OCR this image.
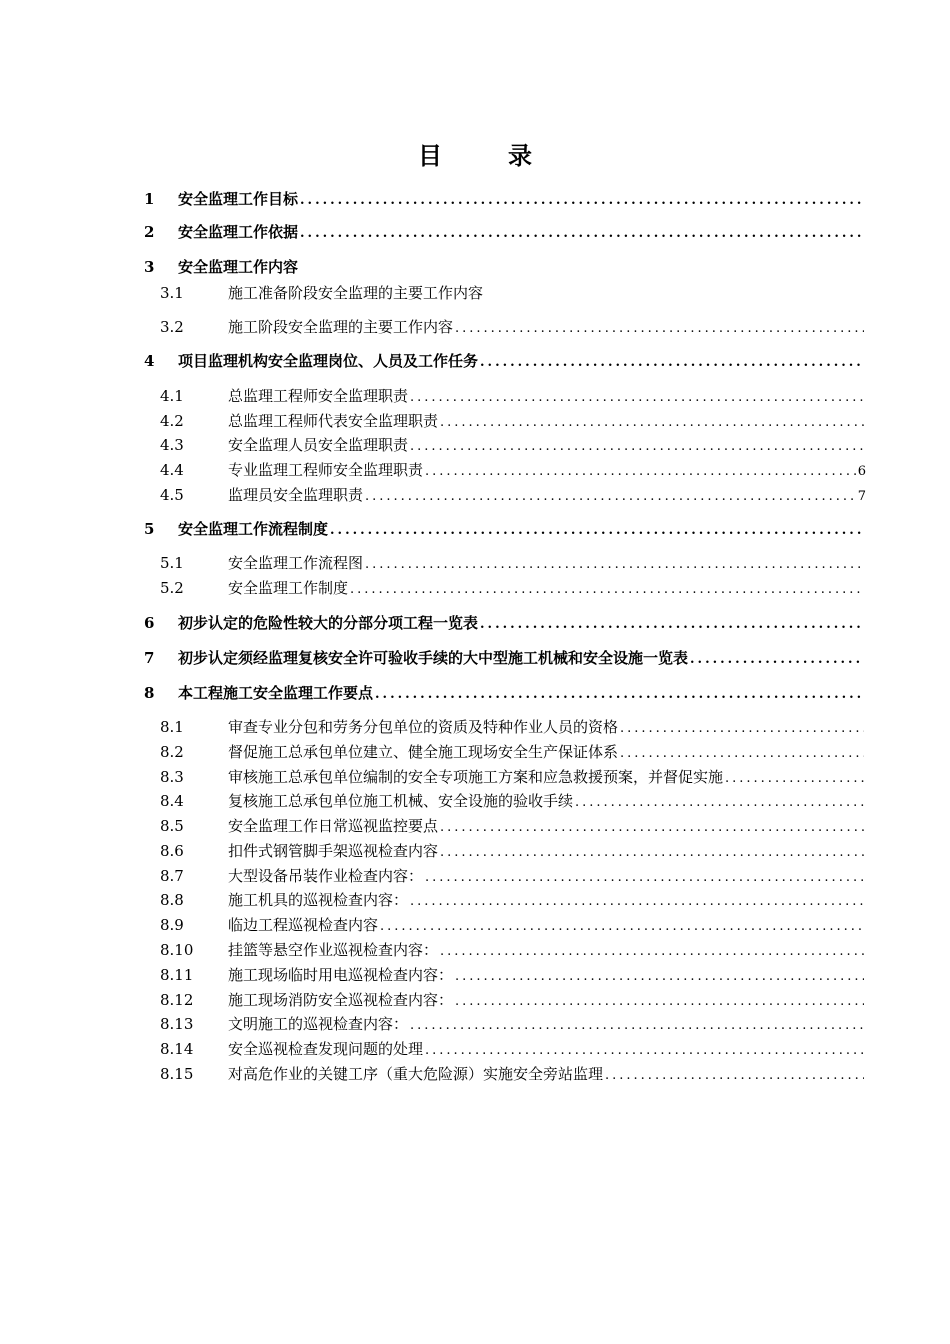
目	录
1	安全监理工作目标
.....
2	安全监理工作依据
.....
3	安全监理工作内容
3.1	施工准备阶段安全监理的主要工作内容
3.2	施工阶段安全监理的主要工作内容
.....
4	项目监理机构安全监理岗位、人员及工作任务
.....
4.1	总监理工程师安全监理职责
.....
4.2	总监理工程师代表安全监理职责
.....
4.3	安全监理人员安全监理职责
.....
4.4	专业监理工程师安全监理职责 .....	6
4.5	监理员安全监理职责 .....	7
5	安全监理工作流程制度
.....
5.1	安全监理工作流程图
.....
5.2	安全监理工作制度
.....
6	初步认定的危险性较大的分部分项工程一览表
.....
7	初步认定须经监理复核安全许可验收手续的大中型施工机械和安全设施一览表
.....
8	本工程施工安全监理工作要点
.....
8.1	审查专业分包和劳务分包单位的资质及特种作业人员的资格
.....
8.2	督促施工总承包单位建立、健全施工现场安全生产保证体系
.....
8.3	审核施工总承包单位编制的安全专项施工方案和应急救援预案，并督促实施
.....
8.4	复核施工总承包单位施工机械、安全设施的验收手续
.....
8.5	安全监理工作日常巡视监控要点
.....
8.6	扣件式钢管脚手架巡视检查内容
.....
8.7	大型设备吊装作业检查内容：
.....
8.8	施工机具的巡视检查内容：
.....
8.9	临边工程巡视检查内容
.....
8.10	挂篮等悬空作业巡视检查内容：
.....
8.11	施工现场临时用电巡视检查内容：
.....
8.12	施工现场消防安全巡视检查内容：
.....
8.13	文明施工的巡视检查内容：
.....
8.14	安全巡视检查发现问题的处理
.....
8.15	对高危作业的关键工序（重大危险源）实施安全旁站监理
.....
